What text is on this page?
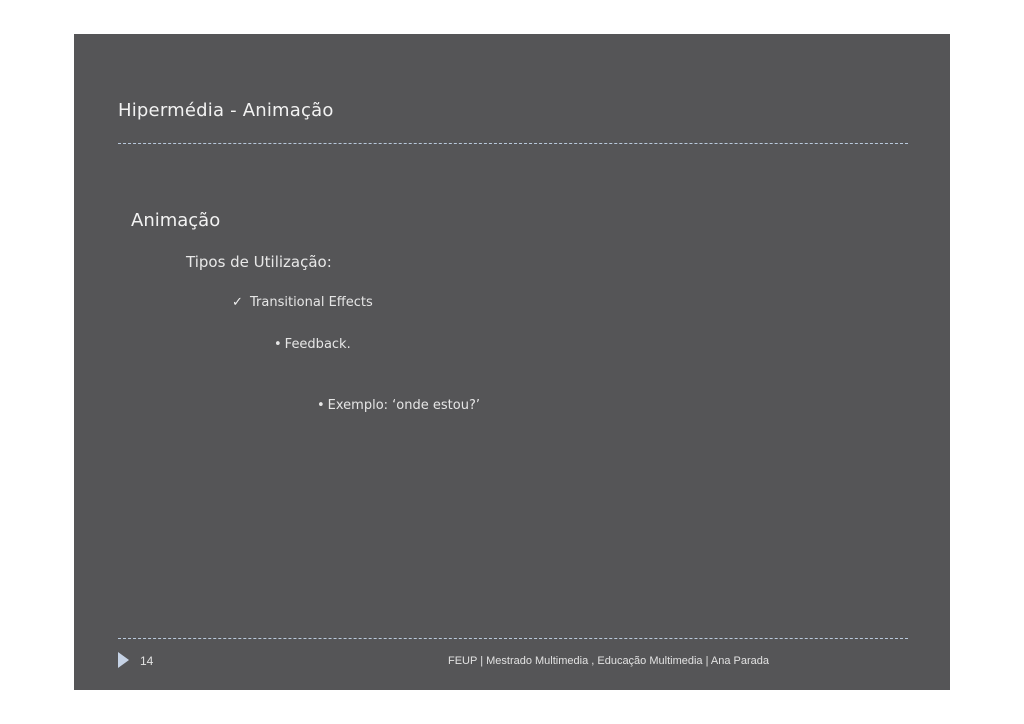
Hipermédia - Animação
Animação
Tipos de Utilização:
✓ Transitional Effects
• Feedback.
• Exemplo: ‘onde estou?’
14	FEUP | Mestrado Multimedia , Educação Multimedia | Ana Parada
